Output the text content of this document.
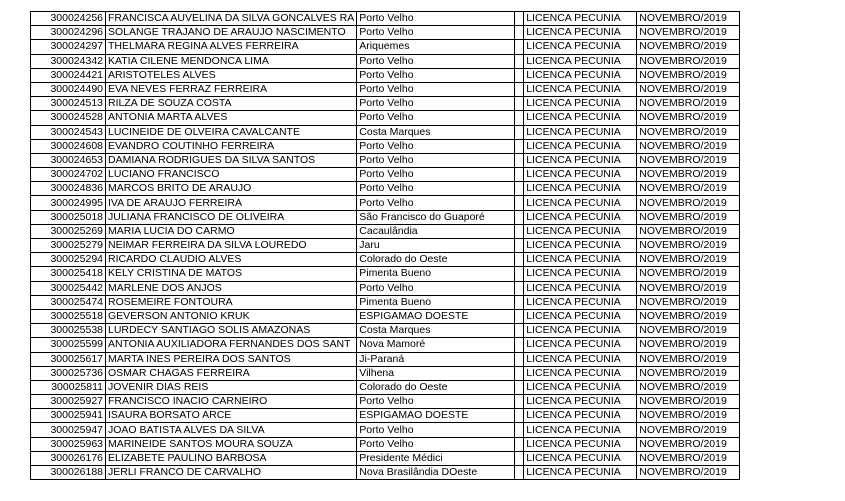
300024256	FRANCISCA AUVELINA DA SILVA GONCALVES RA	Porto Velho		LICENCA PECUNIA	NOVEMBRO/2019
300024296	SOLANGE TRAJANO DE ARAUJO NASCIMENTO	Porto Velho		LICENCA PECUNIA	NOVEMBRO/2019
300024297	THELMARA REGINA ALVES FERREIRA	Ariquemes		LICENCA PECUNIA	NOVEMBRO/2019
300024342	KATIA CILENE MENDONCA LIMA	Porto Velho		LICENCA PECUNIA	NOVEMBRO/2019
300024421	ARISTOTELES ALVES	Porto Velho		LICENCA PECUNIA	NOVEMBRO/2019
300024490	EVA NEVES FERRAZ FERREIRA	Porto Velho		LICENCA PECUNIA	NOVEMBRO/2019
300024513	RILZA DE SOUZA COSTA	Porto Velho		LICENCA PECUNIA	NOVEMBRO/2019
300024528	ANTONIA MARTA ALVES	Porto Velho		LICENCA PECUNIA	NOVEMBRO/2019
300024543	LUCINEIDE DE OLVEIRA CAVALCANTE	Costa Marques		LICENCA PECUNIA	NOVEMBRO/2019
300024608	EVANDRO COUTINHO FERREIRA	Porto Velho		LICENCA PECUNIA	NOVEMBRO/2019
300024653	DAMIANA RODRIGUES DA SILVA SANTOS	Porto Velho		LICENCA PECUNIA	NOVEMBRO/2019
300024702	LUCIANO FRANCISCO	Porto Velho		LICENCA PECUNIA	NOVEMBRO/2019
300024836	MARCOS BRITO DE ARAUJO	Porto Velho		LICENCA PECUNIA	NOVEMBRO/2019
300024995	IVA DE ARAUJO FERREIRA	Porto Velho		LICENCA PECUNIA	NOVEMBRO/2019
300025018	JULIANA FRANCISCO DE OLIVEIRA	São Francisco do Guaporé		LICENCA PECUNIA	NOVEMBRO/2019
300025269	MARIA LUCIA DO CARMO	Cacaulândia		LICENCA PECUNIA	NOVEMBRO/2019
300025279	NEIMAR FERREIRA DA SILVA LOUREDO	Jaru		LICENCA PECUNIA	NOVEMBRO/2019
300025294	RICARDO CLAUDIO ALVES	Colorado do Oeste		LICENCA PECUNIA	NOVEMBRO/2019
300025418	KELY CRISTINA DE MATOS	Pimenta Bueno		LICENCA PECUNIA	NOVEMBRO/2019
300025442	MARLENE DOS ANJOS	Porto Velho		LICENCA PECUNIA	NOVEMBRO/2019
300025474	ROSEMEIRE FONTOURA	Pimenta Bueno		LICENCA PECUNIA	NOVEMBRO/2019
300025518	GEVERSON ANTONIO KRUK	ESPIGAMAO DOESTE		LICENCA PECUNIA	NOVEMBRO/2019
300025538	LURDECY SANTIAGO SOLIS AMAZONAS	Costa Marques		LICENCA PECUNIA	NOVEMBRO/2019
300025599	ANTONIA AUXILIADORA FERNANDES DOS SANT	Nova Mamoré		LICENCA PECUNIA	NOVEMBRO/2019
300025617	MARTA INES PEREIRA DOS SANTOS	Ji-Paraná		LICENCA PECUNIA	NOVEMBRO/2019
300025736	OSMAR CHAGAS FERREIRA	Vilhena		LICENCA PECUNIA	NOVEMBRO/2019
300025811	JOVENIR DIAS REIS	Colorado do Oeste		LICENCA PECUNIA	NOVEMBRO/2019
300025927	FRANCISCO INACIO CARNEIRO	Porto Velho		LICENCA PECUNIA	NOVEMBRO/2019
300025941	ISAURA BORSATO ARCE	ESPIGAMAO DOESTE		LICENCA PECUNIA	NOVEMBRO/2019
300025947	JOAO BATISTA ALVES DA SILVA	Porto Velho		LICENCA PECUNIA	NOVEMBRO/2019
300025963	MARINEIDE SANTOS MOURA SOUZA	Porto Velho		LICENCA PECUNIA	NOVEMBRO/2019
300026176	ELIZABETE PAULINO BARBOSA	Presidente Médici		LICENCA PECUNIA	NOVEMBRO/2019
300026188	JERLI FRANCO DE CARVALHO	Nova Brasilândia DOeste		LICENCA PECUNIA	NOVEMBRO/2019
